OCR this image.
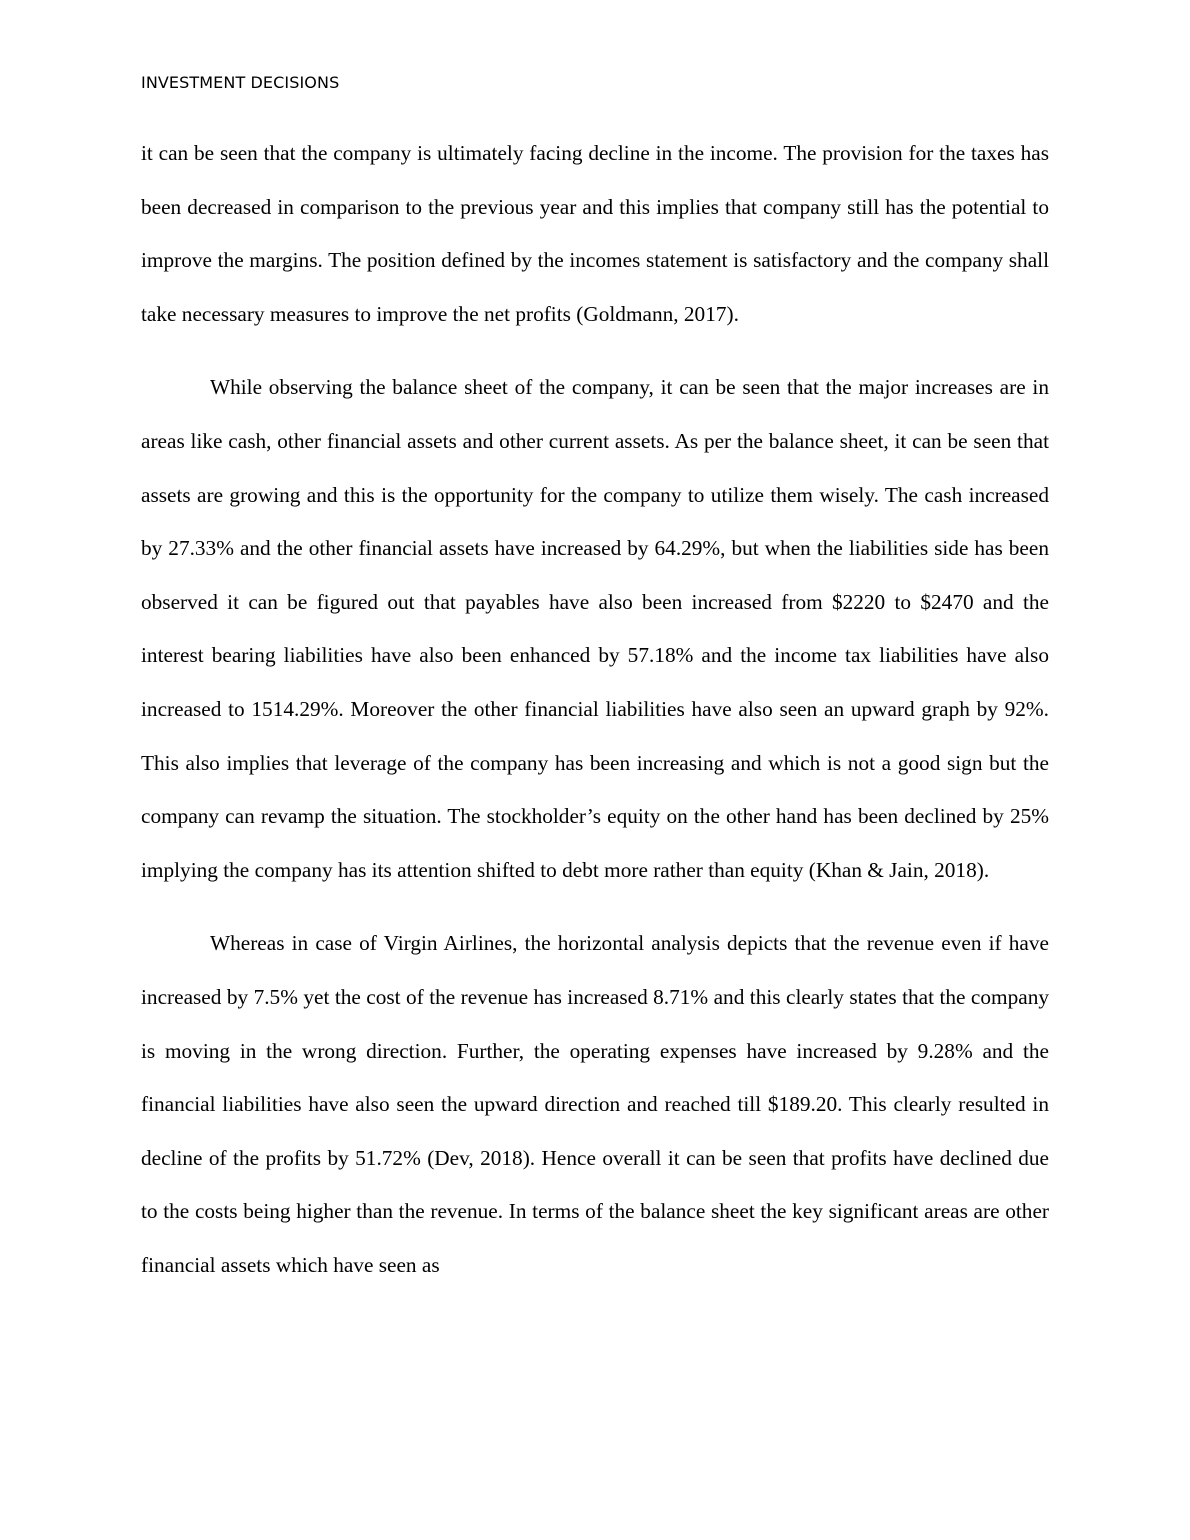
INVESTMENT DECISIONS

it can be seen that the company is ultimately facing decline in the income. The provision for the taxes has been decreased in comparison to the previous year and this implies that company still has the potential to improve the margins. The position defined by the incomes statement is satisfactory and the company shall take necessary measures to improve the net profits (Goldmann, 2017).

While observing the balance sheet of the company, it can be seen that the major increases are in areas like cash, other financial assets and other current assets. As per the balance sheet, it can be seen that assets are growing and this is the opportunity for the company to utilize them wisely. The cash increased by 27.33% and the other financial assets have increased by 64.29%, but when the liabilities side has been observed it can be figured out that payables have also been increased from $2220 to $2470 and the interest bearing liabilities have also been enhanced by 57.18% and the income tax liabilities have also increased to 1514.29%. Moreover the other financial liabilities have also seen an upward graph by 92%. This also implies that leverage of the company has been increasing and which is not a good sign but the company can revamp the situation. The stockholder’s equity on the other hand has been declined by 25% implying the company has its attention shifted to debt more rather than equity (Khan & Jain, 2018).

Whereas in case of Virgin Airlines, the horizontal analysis depicts that the revenue even if have increased by 7.5% yet the cost of the revenue has increased 8.71% and this clearly states that the company is moving in the wrong direction. Further, the operating expenses have increased by 9.28% and the financial liabilities have also seen the upward direction and reached till $189.20. This clearly resulted in decline of the profits by 51.72% (Dev, 2018). Hence overall it can be seen that profits have declined due to the costs being higher than the revenue. In terms of the balance sheet the key significant areas are other financial assets which have seen as
